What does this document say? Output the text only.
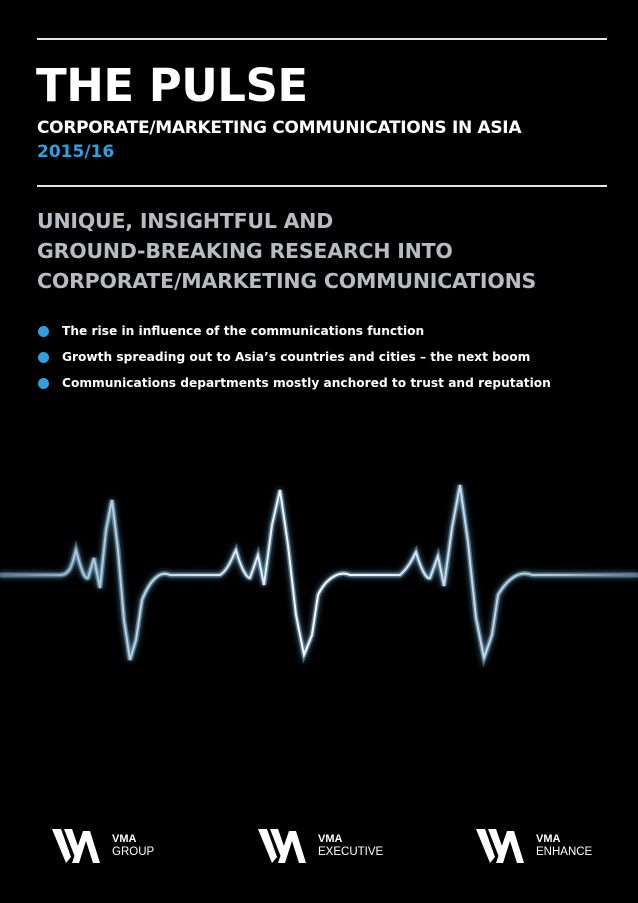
THE PULSE
CORPORATE/MARKETING COMMUNICATIONS IN ASIA
2015/16
UNIQUE, INSIGHTFUL AND
GROUND-BREAKING RESEARCH INTO
CORPORATE/MARKETING COMMUNICATIONS
The rise in influence of the communications function
Growth spreading out to Asia’s countries and cities – the next boom
Communications departments mostly anchored to trust and reputation
VMA
GROUP
VMA
EXECUTIVE
VMA
ENHANCE
